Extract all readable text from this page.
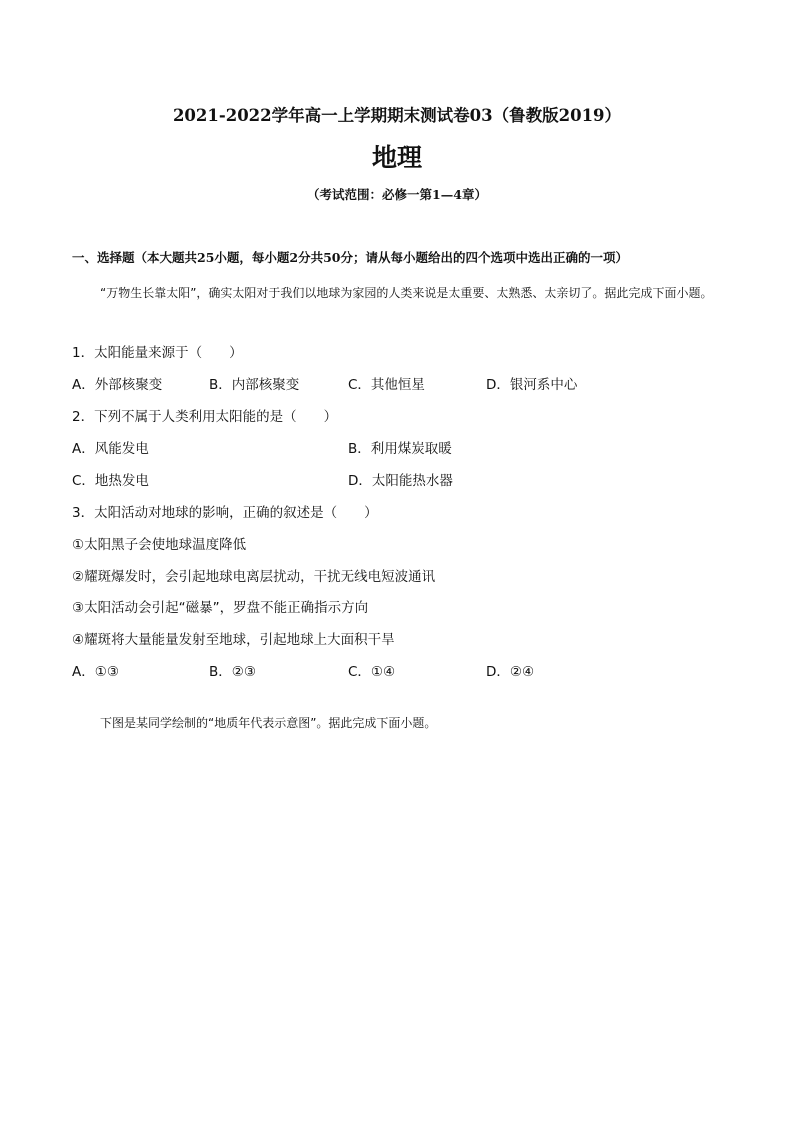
2021-2022学年高一上学期期末测试卷03（鲁教版2019）
地理
（考试范围：必修一第1—4章）
一、选择题（本大题共25小题，每小题2分共50分；请从每小题给出的四个选项中选出正确的一项）
“万物生长靠太阳”，确实太阳对于我们以地球为家园的人类来说是太重要、太熟悉、太亲切了。据此完成下面小题。
1．太阳能量来源于（　　）
A．外部核聚变	B．内部核聚变	C．其他恒星	D．银河系中心
2．下列不属于人类利用太阳能的是（　　）
A．风能发电	B．利用煤炭取暖
C．地热发电	D．太阳能热水器
3．太阳活动对地球的影响，正确的叙述是（　　）
①太阳黑子会使地球温度降低
②耀斑爆发时，会引起地球电离层扰动，干扰无线电短波通讯
③太阳活动会引起“磁暴”，罗盘不能正确指示方向
④耀斑将大量能量发射至地球，引起地球上大面积干旱
A．①③	B．②③	C．①④	D．②④
下图是某同学绘制的“地质年代表示意图”。据此完成下面小题。
